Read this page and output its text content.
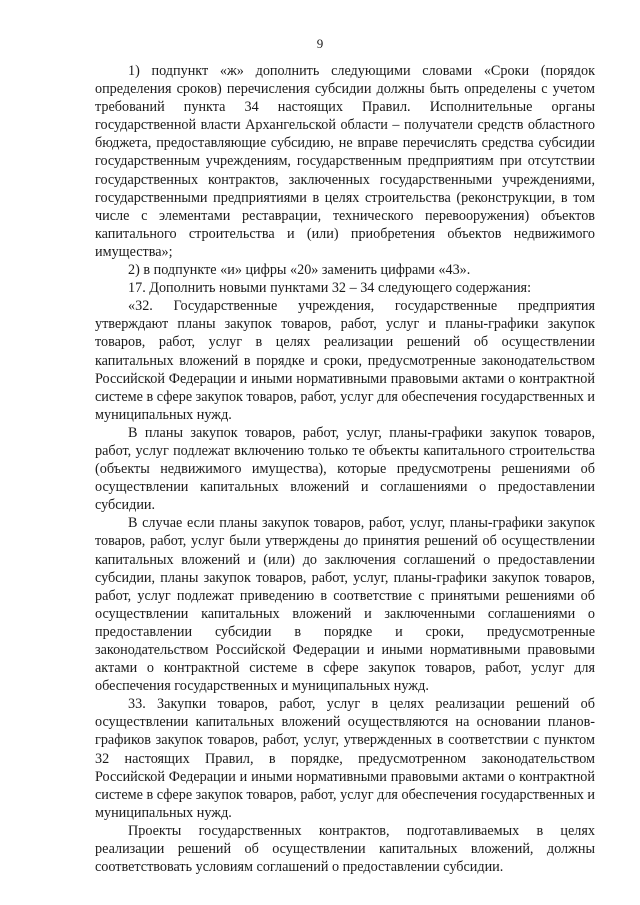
9

1) подпункт «ж» дополнить следующими словами «Сроки (порядок определения сроков) перечисления субсидии должны быть определены с учетом требований пункта 34 настоящих Правил. Исполнительные органы государственной власти Архангельской области – получатели средств областного бюджета, предоставляющие субсидию, не вправе перечислять средства субсидии государственным учреждениям, государственным предприятиям при отсутствии государственных контрактов, заключенных государственными учреждениями, государственными предприятиями в целях строительства (реконструкции, в том числе с элементами реставрации, технического перевооружения) объектов капитального строительства и (или) приобретения объектов недвижимого имущества»;

2) в подпункте «и» цифры «20» заменить цифрами «43».

17. Дополнить новыми пунктами 32 – 34 следующего содержания:

«32. Государственные учреждения, государственные предприятия утверждают планы закупок товаров, работ, услуг и планы-графики закупок товаров, работ, услуг в целях реализации решений об осуществлении капитальных вложений в порядке и сроки, предусмотренные законодательством Российской Федерации и иными нормативными правовыми актами о контрактной системе в сфере закупок товаров, работ, услуг для обеспечения государственных и муниципальных нужд.

В планы закупок товаров, работ, услуг, планы-графики закупок товаров, работ, услуг подлежат включению только те объекты капитального строительства (объекты недвижимого имущества), которые предусмотрены решениями об осуществлении капитальных вложений и соглашениями о предоставлении субсидии.

В случае если планы закупок товаров, работ, услуг, планы-графики закупок товаров, работ, услуг были утверждены до принятия решений об осуществлении капитальных вложений и (или) до заключения соглашений о предоставлении субсидии, планы закупок товаров, работ, услуг, планы-графики закупок товаров, работ, услуг подлежат приведению в соответствие с принятыми решениями об осуществлении капитальных вложений и заключенными соглашениями о предоставлении субсидии в порядке и сроки, предусмотренные законодательством Российской Федерации и иными нормативными правовыми актами о контрактной системе в сфере закупок товаров, работ, услуг для обеспечения государственных и муниципальных нужд.

33. Закупки товаров, работ, услуг в целях реализации решений об осуществлении капитальных вложений осуществляются на основании планов-графиков закупок товаров, работ, услуг, утвержденных в соответствии с пунктом 32 настоящих Правил, в порядке, предусмотренном законодательством Российской Федерации и иными нормативными правовыми актами о контрактной системе в сфере закупок товаров, работ, услуг для обеспечения государственных и муниципальных нужд.

Проекты государственных контрактов, подготавливаемых в целях реализации решений об осуществлении капитальных вложений, должны соответствовать условиям соглашений о предоставлении субсидии.
